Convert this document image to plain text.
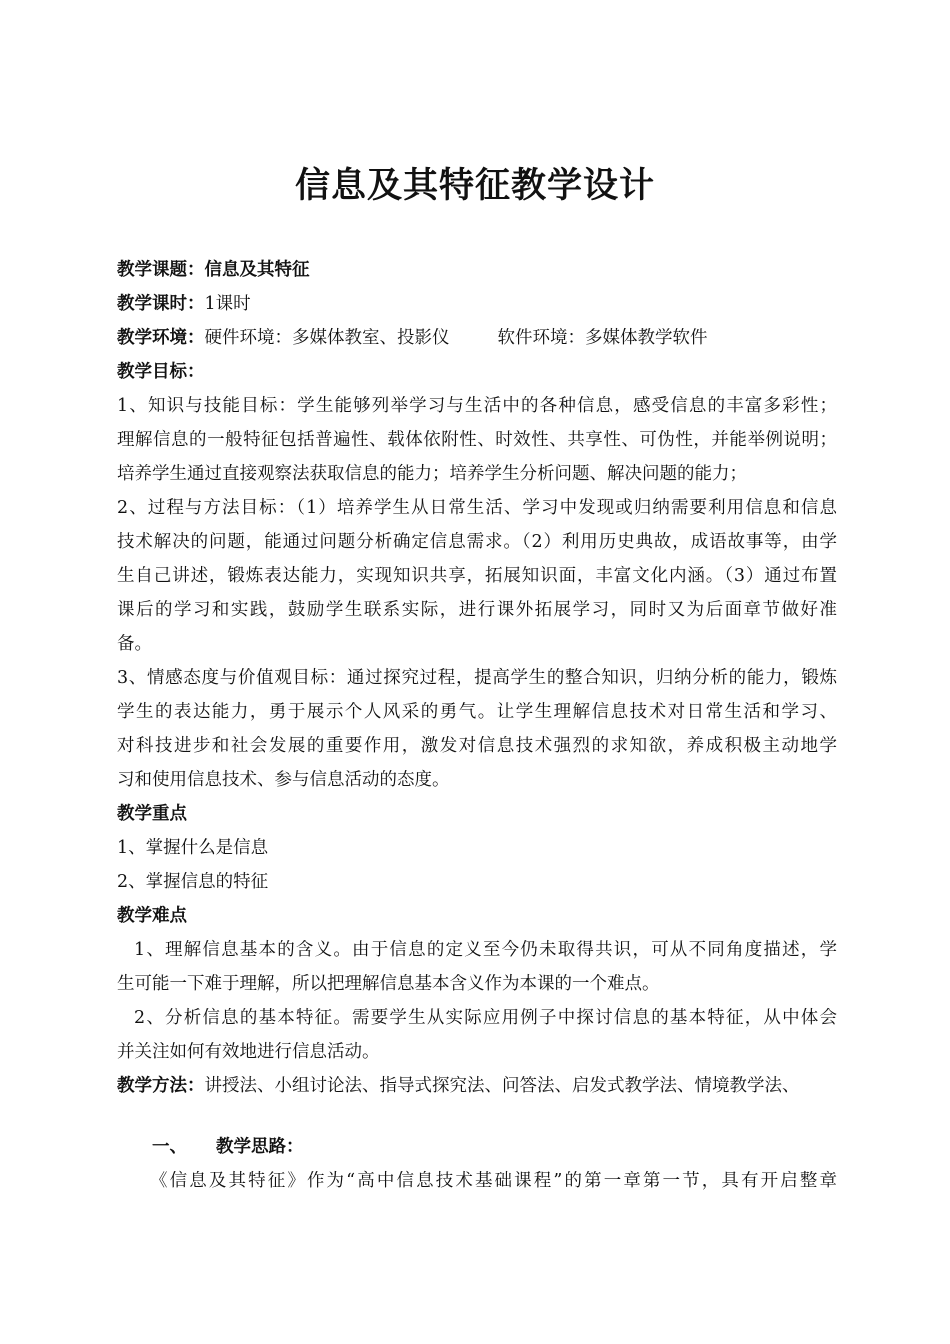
信息及其特征教学设计
教学课题：信息及其特征
教学课时：1课时
教学环境：硬件环境：多媒体教室、投影仪	软件环境：多媒体教学软件
教学目标：
1、知识与技能目标：学生能够列举学习与生活中的各种信息，感受信息的丰富多彩性；
理解信息的一般特征包括普遍性、载体依附性、时效性、共享性、可伪性，并能举例说明；
培养学生通过直接观察法获取信息的能力；培养学生分析问题、解决问题的能力；
2、过程与方法目标：（1）培养学生从日常生活、学习中发现或归纳需要利用信息和信息
技术解决的问题，能通过问题分析确定信息需求。（2）利用历史典故，成语故事等，由学
生自己讲述，锻炼表达能力，实现知识共享，拓展知识面，丰富文化内涵。（3）通过布置
课后的学习和实践，鼓励学生联系实际，进行课外拓展学习，同时又为后面章节做好准
备。
3、情感态度与价值观目标：通过探究过程，提高学生的整合知识，归纳分析的能力，锻炼
学生的表达能力，勇于展示个人风采的勇气。让学生理解信息技术对日常生活和学习、
对科技进步和社会发展的重要作用，激发对信息技术强烈的求知欲，养成积极主动地学
习和使用信息技术、参与信息活动的态度。
教学重点
1、掌握什么是信息
2、掌握信息的特征
教学难点
1、理解信息基本的含义。由于信息的定义至今仍未取得共识，可从不同角度描述，学
生可能一下难于理解，所以把理解信息基本含义作为本课的一个难点。
2、分析信息的基本特征。需要学生从实际应用例子中探讨信息的基本特征，从中体会
并关注如何有效地进行信息活动。
教学方法：讲授法、小组讨论法、指导式探究法、问答法、启发式教学法、情境教学法、
一、 教学思路：
《信息及其特征》作为“高中信息技术基础课程”的第一章第一节，具有开启整章
